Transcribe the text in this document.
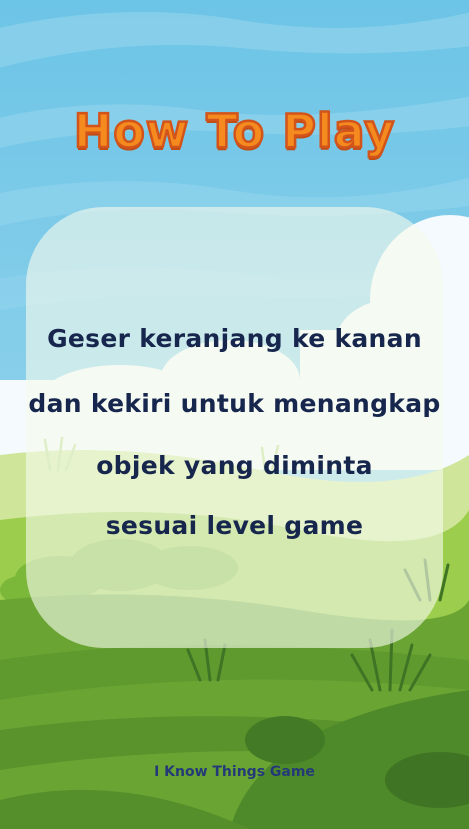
How To Play
Geser keranjang ke kanan
dan kekiri untuk menangkap
objek yang diminta
sesuai level game
I Know Things Game
